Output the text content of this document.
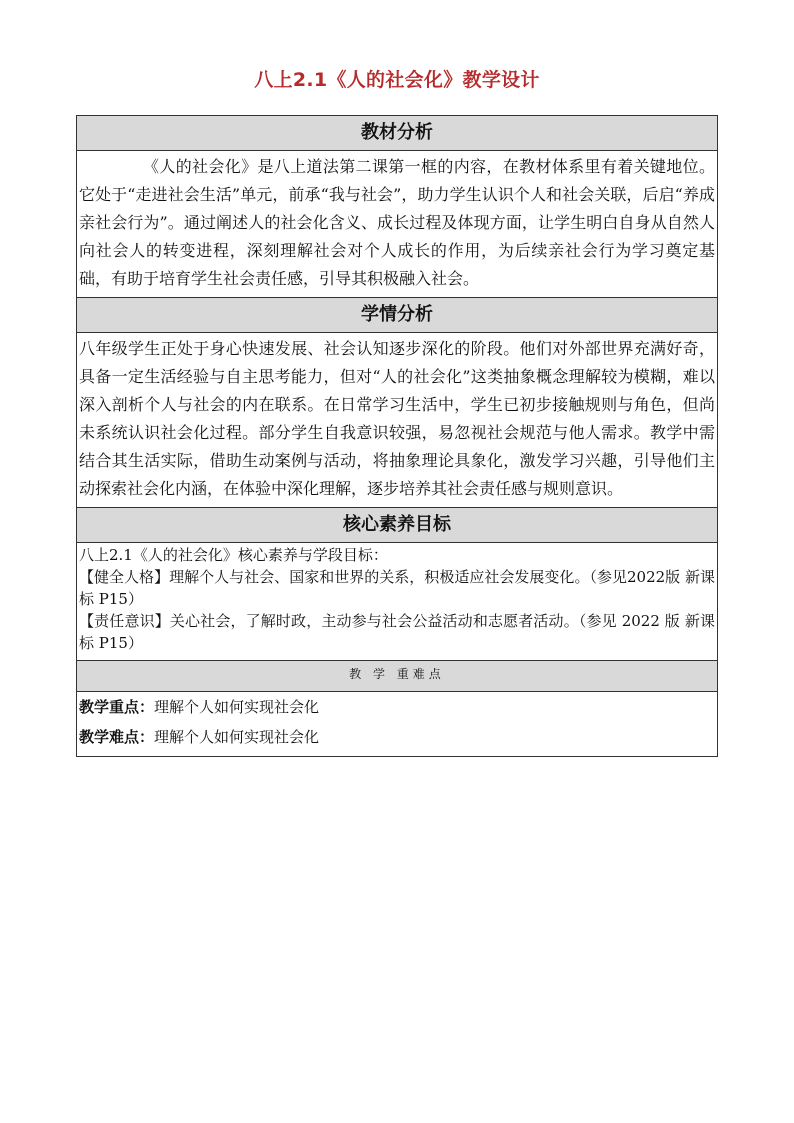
八上2.1《人的社会化》教学设计
教材分析
《人的社会化》是八上道法第二课第一框的内容，在教材体系里有着关键地位。它处于“走进社会生活”单元，前承“我与社会”，助力学生认识个人和社会关联，后启“养成亲社会行为”。通过阐述人的社会化含义、成长过程及体现方面，让学生明白自身从自然人向社会人的转变进程，深刻理解社会对个人成长的作用，为后续亲社会行为学习奠定基础，有助于培育学生社会责任感，引导其积极融入社会。
学情分析
八年级学生正处于身心快速发展、社会认知逐步深化的阶段。他们对外部世界充满好奇，具备一定生活经验与自主思考能力，但对“人的社会化”这类抽象概念理解较为模糊，难以深入剖析个人与社会的内在联系。在日常学习生活中，学生已初步接触规则与角色，但尚未系统认识社会化过程。部分学生自我意识较强，易忽视社会规范与他人需求。教学中需结合其生活实际，借助生动案例与活动，将抽象理论具象化，激发学习兴趣，引导他们主动探索社会化内涵，在体验中深化理解，逐步培养其社会责任感与规则意识。
核心素养目标
八上2.1《人的社会化》核心素养与学段目标：
【健全人格】理解个人与社会、国家和世界的关系，积极适应社会发展变化。（参见2022版 新课标 P15）
【责任意识】关心社会，了解时政，主动参与社会公益活动和志愿者活动。（参见 2022 版 新课标 P15）
教 学 重难点
教学重点：理解个人如何实现社会化
教学难点：理解个人如何实现社会化
